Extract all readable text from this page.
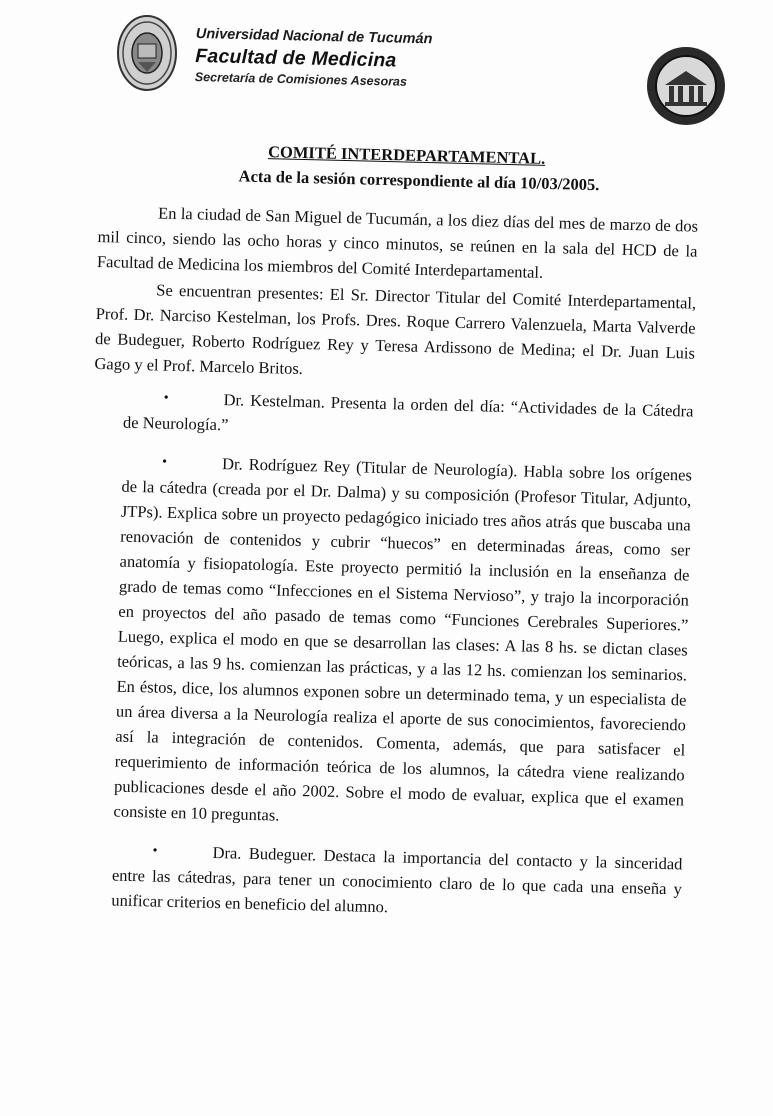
Universidad Nacional de Tucumán
Facultad de Medicina
Secretaría de Comisiones Asesoras
COMITÉ INTERDEPARTAMENTAL.
Acta de la sesión correspondiente al día 10/03/2005.

En la ciudad de San Miguel de Tucumán, a los diez días del mes de marzo de dos mil cinco, siendo las ocho horas y cinco minutos, se reúnen en la sala del HCD de la Facultad de Medicina los miembros del Comité Interdepartamental.

Se encuentran presentes: El Sr. Director Titular del Comité Interdepartamental, Prof. Dr. Narciso Kestelman, los Profs. Dres. Roque Carrero Valenzuela, Marta Valverde de Budeguer, Roberto Rodríguez Rey y Teresa Ardissono de Medina; el Dr. Juan Luis Gago y el Prof. Marcelo Britos.

•	Dr. Kestelman. Presenta la orden del día: “Actividades de la Cátedra de Neurología.”
•	Dr. Rodríguez Rey (Titular de Neurología). Habla sobre los orígenes de la cátedra (creada por el Dr. Dalma) y su composición (Profesor Titular, Adjunto, JTPs). Explica sobre un proyecto pedagógico iniciado tres años atrás que buscaba una renovación de contenidos y cubrir “huecos” en determinadas áreas, como ser anatomía y fisiopatología. Este proyecto permitió la inclusión en la enseñanza de grado de temas como “Infecciones en el Sistema Nervioso”, y trajo la incorporación en proyectos del año pasado de temas como “Funciones Cerebrales Superiores.” Luego, explica el modo en que se desarrollan las clases: A las 8 hs. se dictan clases teóricas, a las 9 hs. comienzan las prácticas, y a las 12 hs. comienzan los seminarios. En éstos, dice, los alumnos exponen sobre un determinado tema, y un especialista de un área diversa a la Neurología realiza el aporte de sus conocimientos, favoreciendo así la integración de contenidos. Comenta, además, que para satisfacer el requerimiento de información teórica de los alumnos, la cátedra viene realizando publicaciones desde el año 2002. Sobre el modo de evaluar, explica que el examen consiste en 10 preguntas.
•	Dra. Budeguer. Destaca la importancia del contacto y la sinceridad entre las cátedras, para tener un conocimiento claro de lo que cada una enseña y unificar criterios en beneficio del alumno.
